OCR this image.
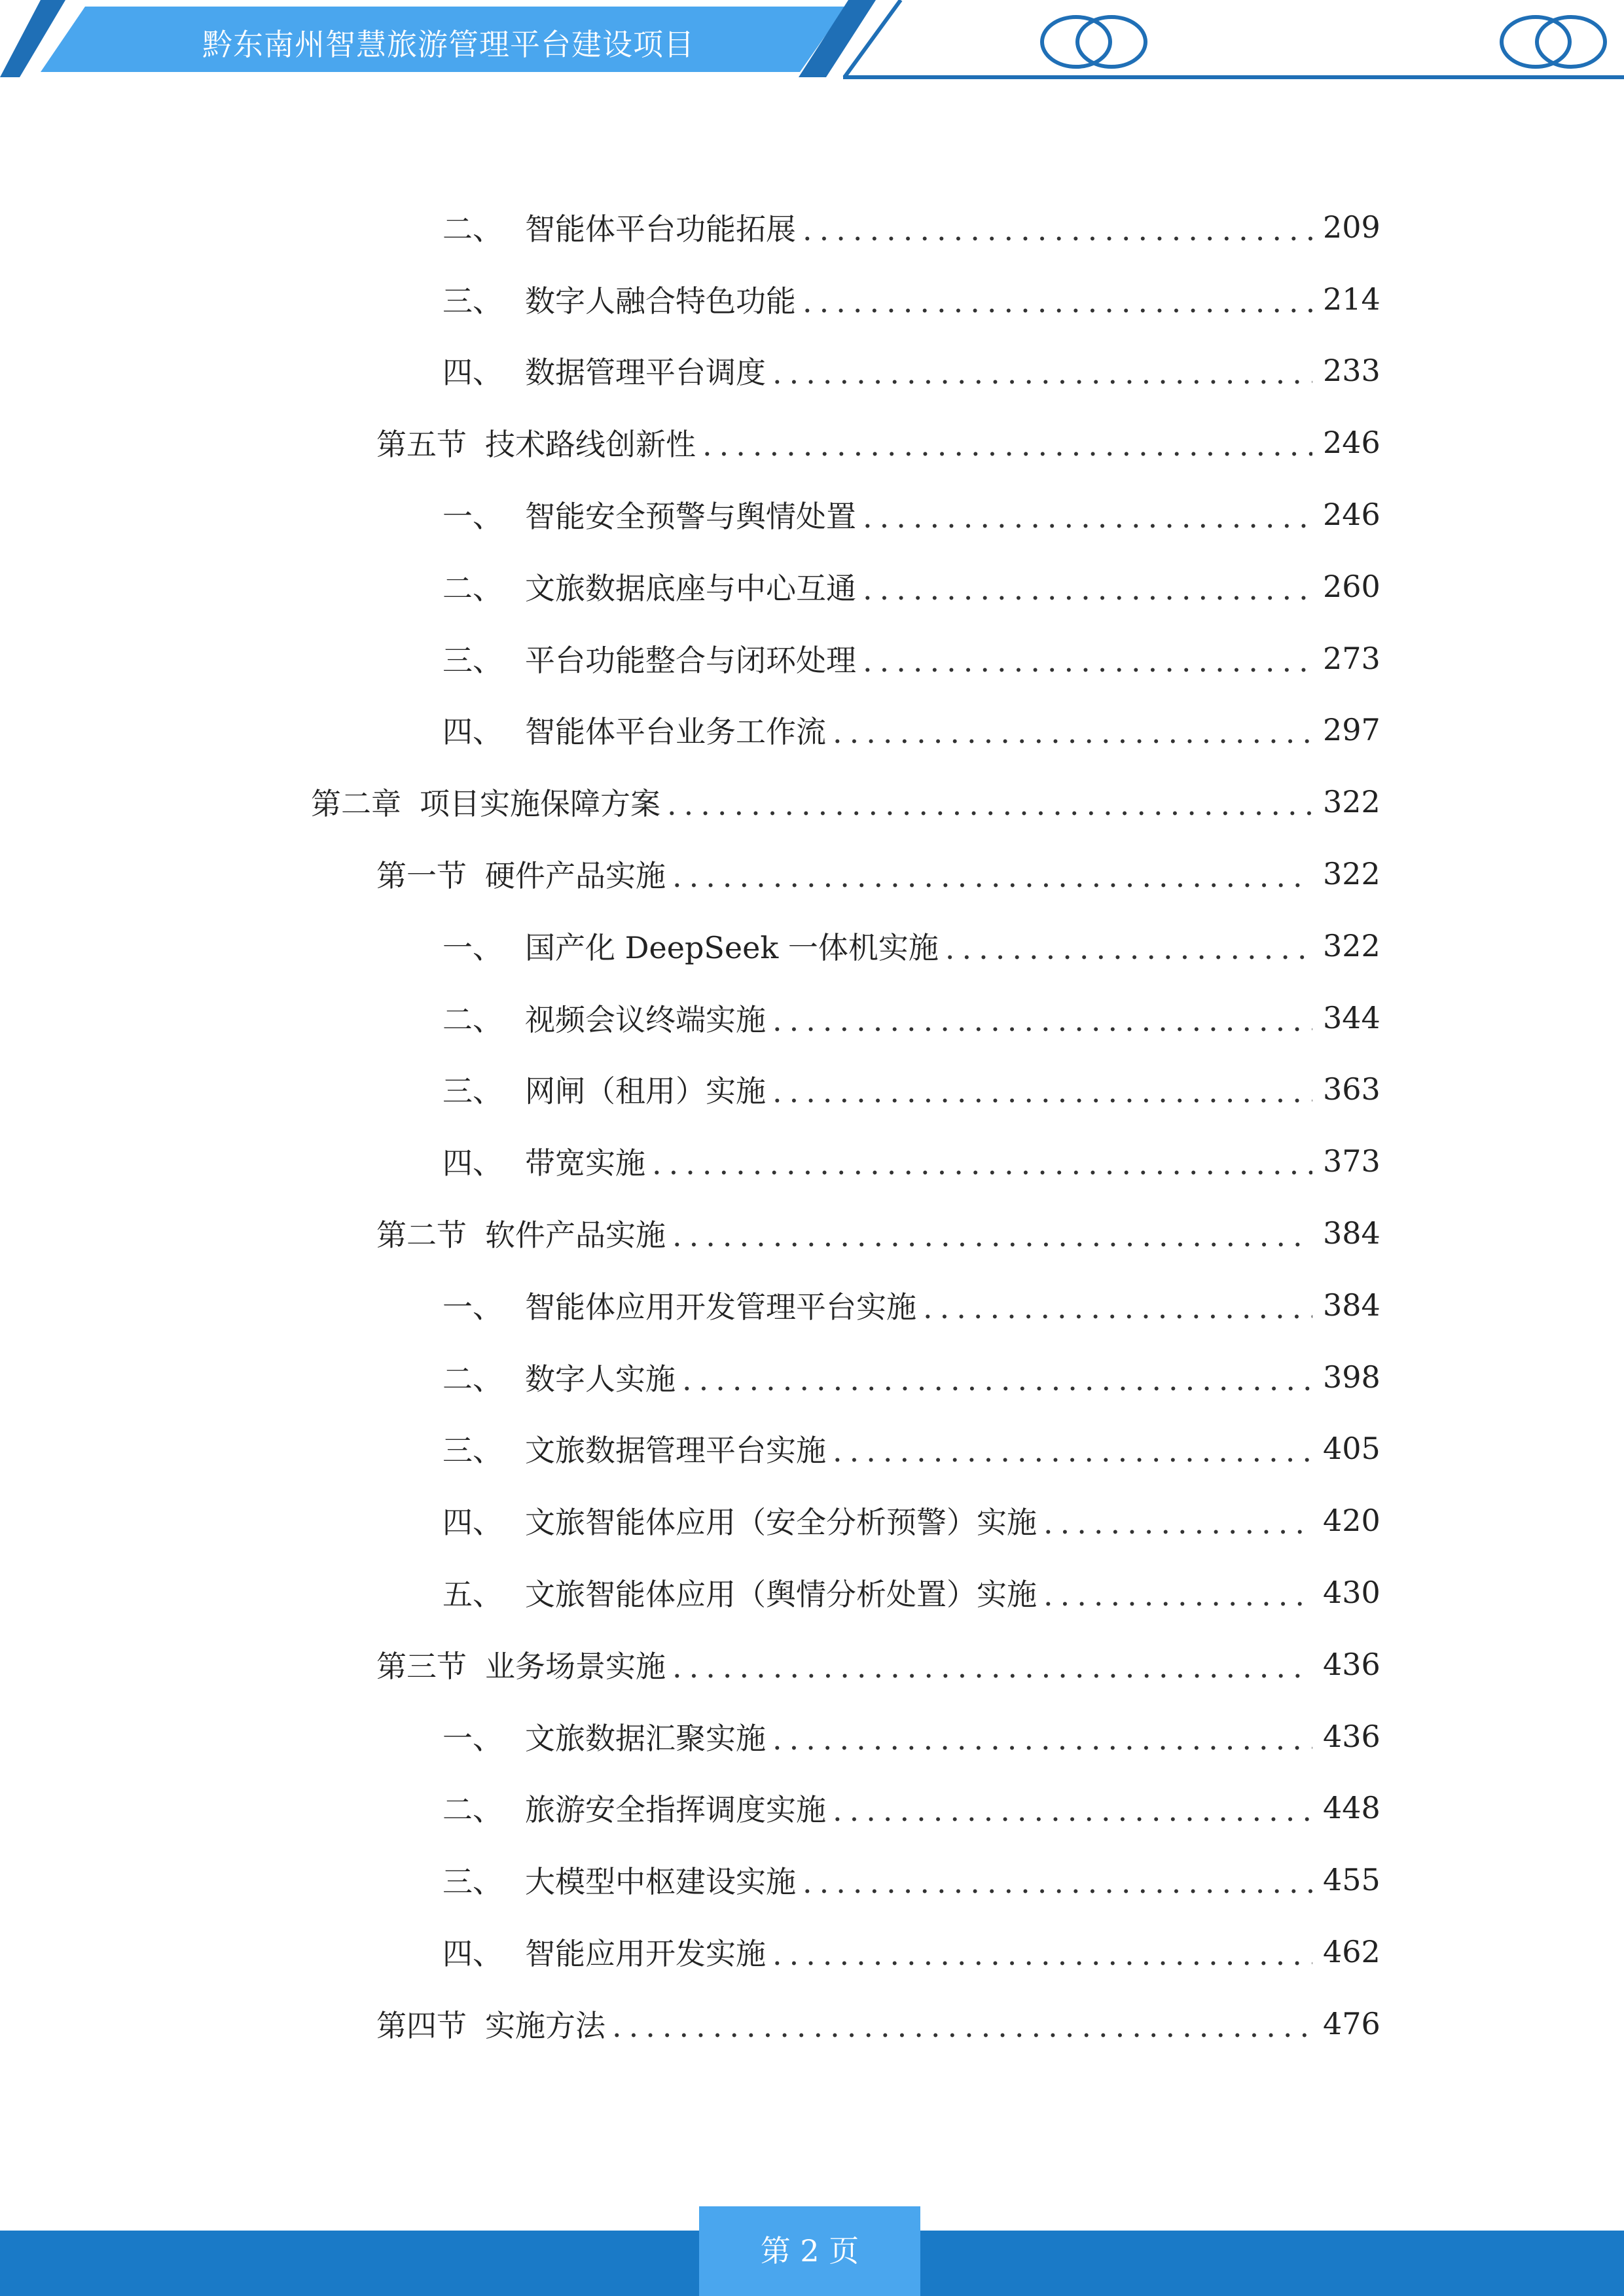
黔东南州智慧旅游管理平台建设项目
二、 智能体平台功能拓展 .....	209
三、 数字人融合特色功能 .....	214
四、 数据管理平台调度 .....	233
第五节 技术路线创新性 .....	246
一、 智能安全预警与舆情处置 .....	246
二、 文旅数据底座与中心互通 .....	260
三、 平台功能整合与闭环处理 .....	273
四、 智能体平台业务工作流 .....	297
第二章 项目实施保障方案 .....	322
第一节 硬件产品实施 .....	322
一、 国产化 DeepSeek 一体机实施 .....	322
二、 视频会议终端实施 .....	344
三、 网闸（租用）实施 .....	363
四、 带宽实施 .....	373
第二节 软件产品实施 .....	384
一、 智能体应用开发管理平台实施 .....	384
二、 数字人实施 .....	398
三、 文旅数据管理平台实施 .....	405
四、 文旅智能体应用（安全分析预警）实施 .....	420
五、 文旅智能体应用（舆情分析处置）实施 .....	430
第三节 业务场景实施 .....	436
一、 文旅数据汇聚实施 .....	436
二、 旅游安全指挥调度实施 .....	448
三、 大模型中枢建设实施 .....	455
四、 智能应用开发实施 .....	462
第四节 实施方法 .....	476
第 2 页
